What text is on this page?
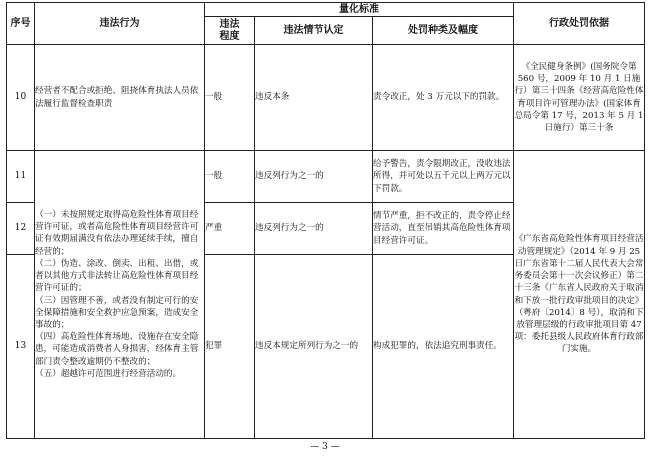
序号	违法行为	量化标准			行政处罚依据

		违法
程度	违法情节认定	处罚种类及幅度	
10	经营者不配合或拒绝、阻挠体育执法人员依法履行监督检查职责	一般	违反本条	责令改正，处 3 万元以下的罚款。	《全民健身条例》(国务院令第 560 号，2009 年 10 月 1 日施行）第三十四条《经营高危险性体育项目许可管理办法》(国家体育总局令第 17 号，2013 年 5 月 1 日施行）第三十条
11	（一）未按照规定取得高危险性体育项目经营许可证，或者高危险性体育项目经营许可证有效期届满没有依法办理延续手续，擅自经营的；
（二）伪造、涂改、倒卖、出租、出借，或者以其他方式非法转让高危险性体育项目经营许可证的；
（三）因管理不善，或者没有制定可行的安全保障措施和安全救护应急预案，造成安全事故的；
（四）高危险性体育场地、设施存在安全隐患，可能造成消费者人身损害，经体育主管部门责令整改逾期仍不整改的；
（五）超越许可范围进行经营活动的。	一般	违反列行为之一的	给予警告，责令限期改正，没收违法所得，并可处以五千元以上两万元以下罚款。	《广东省高危险性体育项目经营活动管理规定》（2014 年 9 月 25 日广东省第十二届人民代表大会常务委员会第十一次会议修正）第二十三条《广东省人民政府关于取消和下放一批行政审批项目的决定》（粤府〔2014〕8 号），取消和下放管理层级的行政审批项目第 47 项：委托县级人民政府体育行政部门实施。
12		严重	违反列行为之一的	情节严重，拒不改正的，责令停止经营活动，直至吊销其高危险性体育项目经营许可证。	
13		犯罪	违反本规定所列行为之一的	构成犯罪的，依法追究刑事责任。	
— 3 —
